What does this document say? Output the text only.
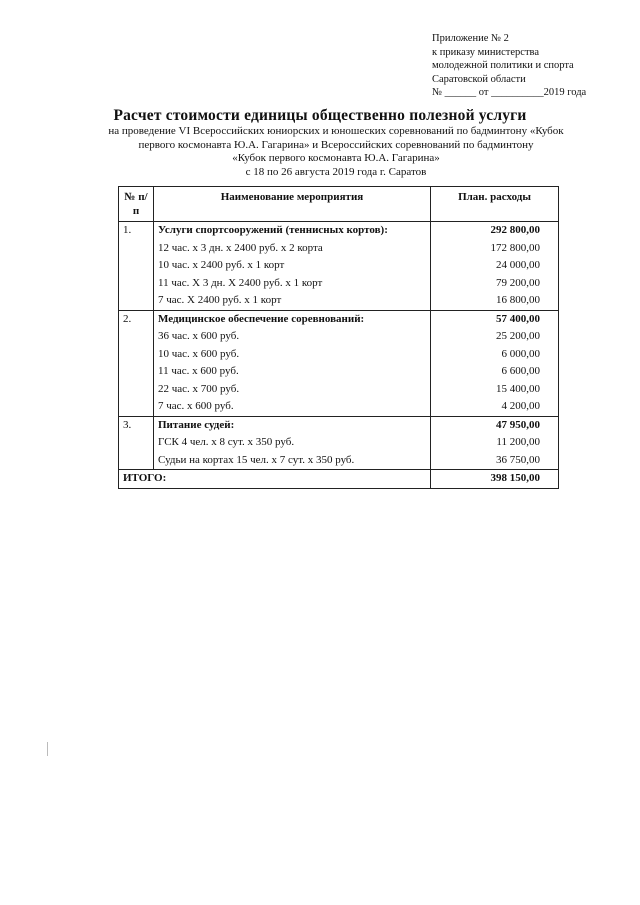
Приложение № 2
к приказу министерства
молодежной политики и спорта
Саратовской области
№ ______ от __________2019 года
Расчет стоимости единицы общественно полезной услуги
на проведение VI Всероссийских юниорских и юношеских соревнований по бадминтону «Кубок
первого космонавта Ю.А. Гагарина» и Всероссийских соревнований по бадминтону
«Кубок первого космонавта Ю.А. Гагарина»
с 18 по 26 августа 2019 года г. Саратов
№ п/п	Наименование мероприятия	План. расходы
1.	Услуги спортсооружений (теннисных кортов):	292 800,00
	12 час. х 3 дн. х 2400 руб. х 2 корта	172 800,00
	10 час. х 2400 руб. х 1 корт	24 000,00
	11 час. Х 3 дн. Х 2400 руб. х 1 корт	79 200,00
	7 час. Х 2400 руб. х 1 корт	16 800,00
2.	Медицинское обеспечение соревнований:	57 400,00
	36 час. х 600 руб.	25 200,00
	10 час. х 600 руб.	6 000,00
	11 час. х 600 руб.	6 600,00
	22 час. х 700 руб.	15 400,00
	7 час. х 600 руб.	4 200,00
3.	Питание судей:	47 950,00
	ГСК 4 чел. х 8 сут. х 350 руб.	11 200,00
	Судьи на кортах 15 чел. х 7 сут. х 350 руб.	36 750,00
ИТОГО:		398 150,00
